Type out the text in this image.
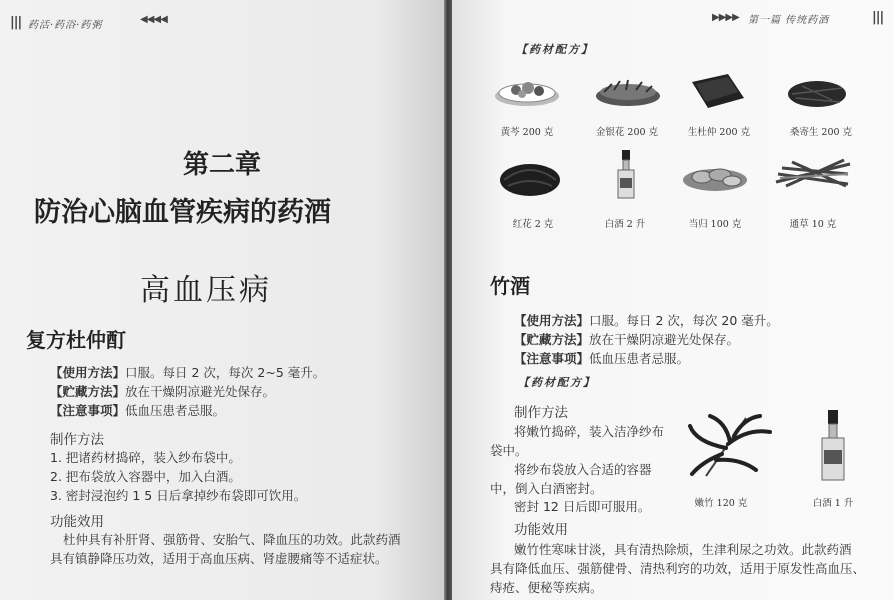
||| 药活·药浴·药粥
◀◀◀◀
第二章
防治心脑血管疾病的药酒
高血压病
复方杜仲酊
【使用方法】口服。每日 2 次，每次 2~5 毫升。
【贮藏方法】放在干燥阴凉避光处保存。
【注意事项】低血压患者忌服。
制作方法
1. 把诸药材捣碎，装入纱布袋中。
2. 把布袋放入容器中，加入白酒。
3. 密封浸泡约 1 5 日后拿掉纱布袋即可饮用。
功能效用
杜仲具有补肝肾、强筋骨、安胎气、降血压的功效。此款药酒
具有镇静降压功效，适用于高血压病、肾虚腰痛等不适症状。
▶▶▶▶ 第一篇 传统药酒	|||
【药材配方】
黄芩 200 克	金银花 200 克	生杜仲 200 克	桑寄生 200 克
红花 2 克	白酒 2 升	当归 100 克	通草 10 克
竹酒
【使用方法】口服。每日 2 次，每次 20 毫升。
【贮藏方法】放在干燥阴凉避光处保存。
【注意事项】低血压患者忌服。
【药材配方】
制作方法
将嫩竹捣碎，装入洁净纱布
袋中。
将纱布袋放入合适的容器
中，倒入白酒密封。
密封 12 日后即可服用。	嫩竹 120 克	白酒 1 升
功能效用
嫩竹性寒味甘淡，具有清热除烦，生津利尿之功效。此款药酒
具有降低血压、强筋健骨、清热利窍的功效，适用于原发性高血压、
痔疮、便秘等疾病。
